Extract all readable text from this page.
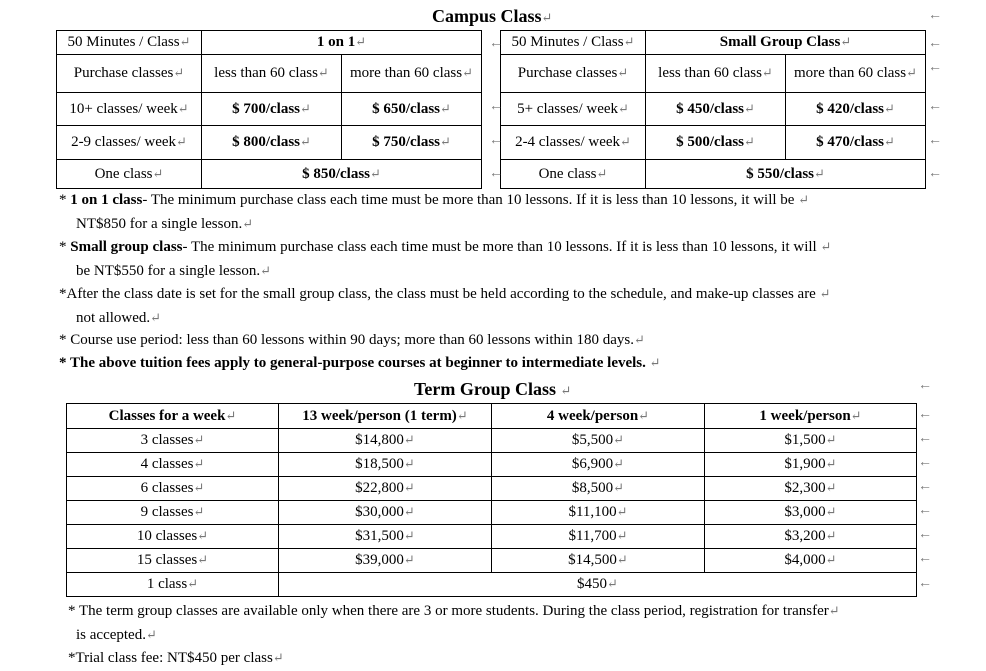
Campus Class ↵
50 Minutes / Class ↵	1 on 1 ↵
Purchase classes ↵	less than 60 class ↵	more than 60 class ↵
10+ classes/ week ↵	$ 700/class ↵	$ 650/class ↵
2-9 classes/ week ↵	$ 800/class ↵	$ 750/class ↵
One class ↵	$ 850/class ↵
50 Minutes / Class ↵	Small Group Class ↵
Purchase classes ↵	less than 60 class ↵	more than 60 class ↵
5+ classes/ week ↵	$ 450/class ↵	$ 420/class ↵
2-4 classes/ week ↵	$ 500/class ↵	$ 470/class ↵
One class ↵	$ 550/class ↵
←
←
←
←
←
←
←
←
←
←
* 1 on 1 class- The minimum purchase class each time must be more than 10 lessons. If it is less than 10 lessons, it will be ↵
NT$850 for a single lesson. ↵
* Small group class- The minimum purchase class each time must be more than 10 lessons. If it is less than 10 lessons, it will ↵
be NT$550 for a single lesson. ↵
*After the class date is set for the small group class, the class must be held according to the schedule, and make-up classes are ↵
not allowed. ↵
* Course use period: less than 60 lessons within 90 days; more than 60 lessons within 180 days. ↵
* The above tuition fees apply to general-purpose courses at beginner to intermediate levels. ↵
Term Group Class ↵
Classes for a week ↵	13 week/person (1 term) ↵	4 week/person ↵	1 week/person ↵
3 classes ↵	$14,800 ↵	$5,500 ↵	$1,500 ↵
4 classes ↵	$18,500 ↵	$6,900 ↵	$1,900 ↵
6 classes ↵	$22,800 ↵	$8,500 ↵	$2,300 ↵
9 classes ↵	$30,000 ↵	$11,100 ↵	$3,000 ↵
10 classes ↵	$31,500 ↵	$11,700 ↵	$3,200 ↵
15 classes ↵	$39,000 ↵	$14,500 ↵	$4,000 ↵
1 class ↵	$450 ↵
←
←
←
←
←
←
←
←
←
* The term group classes are available only when there are 3 or more students. During the class period, registration for transfer ↵
is accepted. ↵
*Trial class fee: NT$450 per class ↵
